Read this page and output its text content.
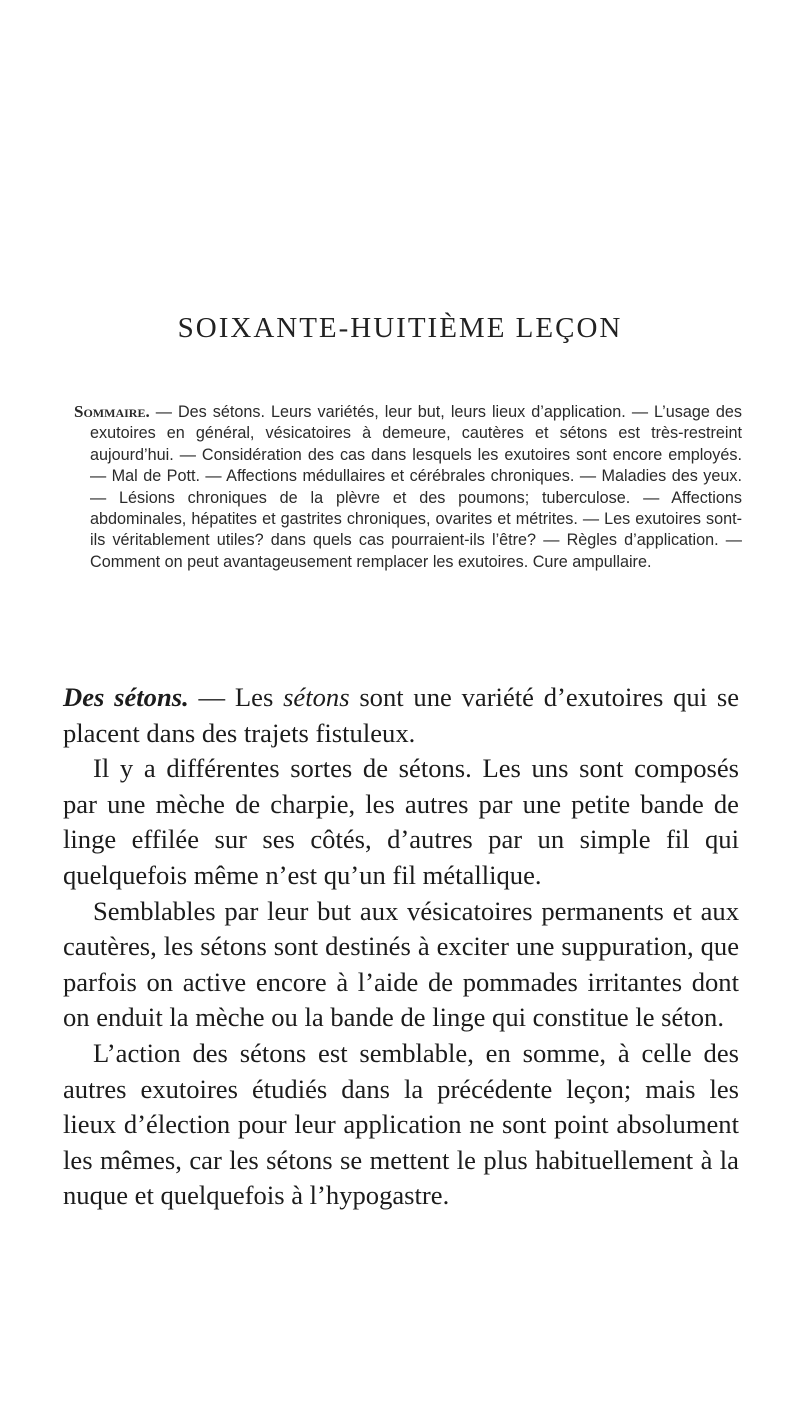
SOIXANTE-HUITIÈME LEÇON
Sommaire. — Des sétons. Leurs variétés, leur but, leurs lieux d’application. — L’usage des exutoires en général, vésicatoires à demeure, cautères et sétons est très-restreint aujourd’hui. — Considération des cas dans lesquels les exutoires sont encore employés. — Mal de Pott. — Affections médullaires et cérébrales chroniques. — Maladies des yeux. — Lésions chroniques de la plèvre et des poumons; tuberculose. — Affections abdominales, hépatites et gastrites chroniques, ovarites et métrites. — Les exutoires sont-ils véritablement utiles? dans quels cas pourraient-ils l’être? — Règles d’application. — Comment on peut avantageusement remplacer les exutoires. Cure ampullaire.

Des sétons. — Les sétons sont une variété d’exutoires qui se placent dans des trajets fistuleux.

Il y a différentes sortes de sétons. Les uns sont composés par une mèche de charpie, les autres par une petite bande de linge effilée sur ses côtés, d’autres par un simple fil qui quelquefois même n’est qu’un fil métallique.

Semblables par leur but aux vésicatoires permanents et aux cautères, les sétons sont destinés à exciter une suppuration, que parfois on active encore à l’aide de pommades irritantes dont on enduit la mèche ou la bande de linge qui constitue le séton.

L’action des sétons est semblable, en somme, à celle des autres exutoires étudiés dans la précédente leçon; mais les lieux d’élection pour leur application ne sont point absolument les mêmes, car les sétons se mettent le plus habituellement à la nuque et quelquefois à l’hypogastre.
